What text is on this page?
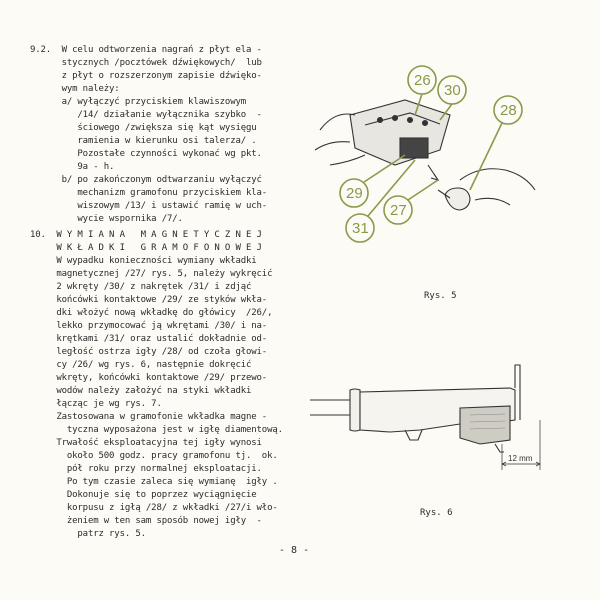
9.2.  W celu odtworzenia nagrań z płyt ela -
stycznych /pocztówek dźwiękowych/  lub
z płyt o rozszerzonym zapisie dźwięko-
wym należy:
a/ wyłączyć przyciskiem klawiszowym
/14/ działanie wyłącznika szybko  -
ściowego /zwiększa się kąt wysięgu
ramienia w kierunku osi talerza/ .
Pozostałe czynności wykonać wg pkt.
9a - h.
b/ po zakończonym odtwarzaniu wyłączyć
mechanizm gramofonu przyciskiem kla-
wiszowym /13/ i ustawić ramię w uch-
wycie wspornika /7/.
10.  W Y M I A N A   M A G N E T Y C Z N E J
W K Ł A D K I   G R A M O F O N O W E J
W wypadku konieczności wymiany wkładki
magnetycznej /27/ rys. 5, należy wykręcić
2 wkręty /30/ z nakrętek /31/ i zdjąć
końcówki kontaktowe /29/ ze styków wkła-
dki włożyć nową wkładkę do główicy  /26/,
lekko przymocować ją wkrętami /30/ i na-
krętkami /31/ oraz ustalić dokładnie od-
ległość ostrza igły /28/ od czoła głowi-
cy /26/ wg rys. 6, następnie dokręcić
wkręty, końcówki kontaktowe /29/ przewo-
wodów należy założyć na styki wkładki
łącząc je wg rys. 7.
Zastosowana w gramofonie wkładka magne -
tyczna wyposażona jest w igłę diamentową.
Trwałość eksploatacyjna tej igły wynosi
około 500 godz. pracy gramofonu tj.  ok.
pół roku przy normalnej eksploatacji.
Po tym czasie zaleca się wymianę  igły .
Dokonuje się to poprzez wyciągnięcie
korpusu z igłą /28/ z wkładki /27/i wło-
żeniem w ten sam sposób nowej igły  -
patrz rys. 5.
26
30
28
29
27
31
Rys. 5
12 mm
Rys. 6
- 8 -
